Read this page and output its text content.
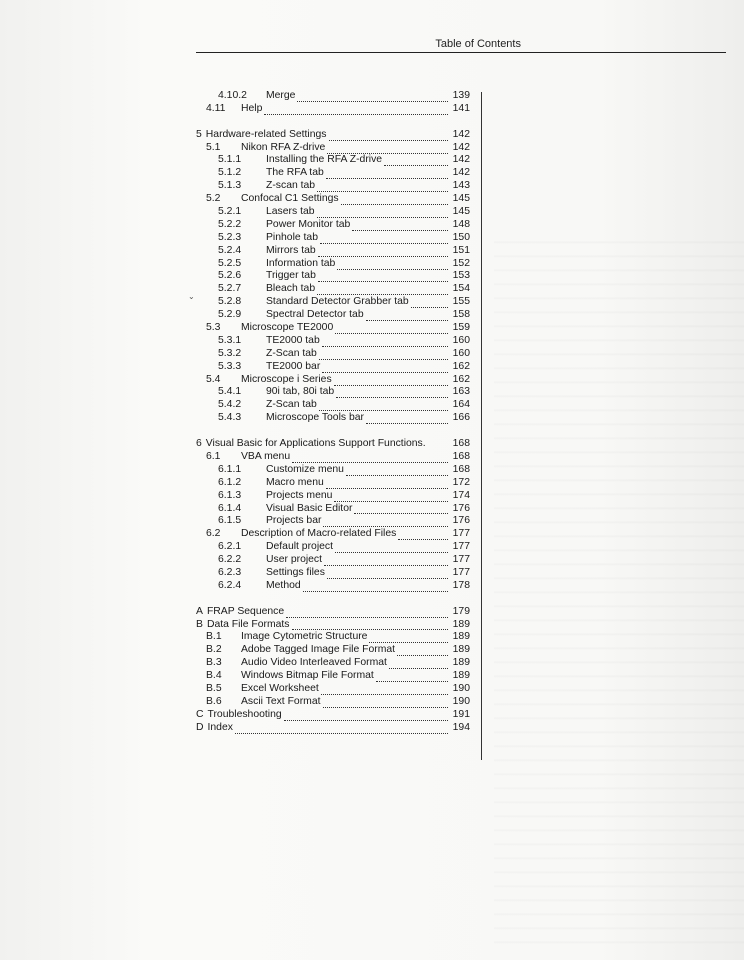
Table of Contents
⌄
4.10.2	Merge	139
4.11	Help	141
5 Hardware-related Settings	142
5.1	Nikon RFA Z-drive	142
5.1.1	Installing the RFA Z-drive	142
5.1.2	The RFA tab	142
5.1.3	Z-scan tab	143
5.2	Confocal C1 Settings	145
5.2.1	Lasers tab	145
5.2.2	Power Monitor tab	148
5.2.3	Pinhole tab	150
5.2.4	Mirrors tab	151
5.2.5	Information tab	152
5.2.6	Trigger tab	153
5.2.7	Bleach tab	154
5.2.8	Standard Detector Grabber tab	155
5.2.9	Spectral Detector tab	158
5.3	Microscope TE2000	159
5.3.1	TE2000 tab	160
5.3.2	Z-Scan tab	160
5.3.3	TE2000 bar	162
5.4	Microscope i Series	162
5.4.1	90i tab, 80i tab	163
5.4.2	Z-Scan tab	164
5.4.3	Microscope Tools bar	166
6 Visual Basic for Applications Support Functions.	168
6.1	VBA menu	168
6.1.1	Customize menu	168
6.1.2	Macro menu	172
6.1.3	Projects menu	174
6.1.4	Visual Basic Editor	176
6.1.5	Projects bar	176
6.2	Description of Macro-related Files	177
6.2.1	Default project	177
6.2.2	User project	177
6.2.3	Settings files	177
6.2.4	Method	178
A FRAP Sequence	179
B Data File Formats	189
B.1	Image Cytometric Structure	189
B.2	Adobe Tagged Image File Format	189
B.3	Audio Video Interleaved Format	189
B.4	Windows Bitmap File Format	189
B.5	Excel Worksheet	190
B.6	Ascii Text Format	190
C Troubleshooting	191
D Index	194
